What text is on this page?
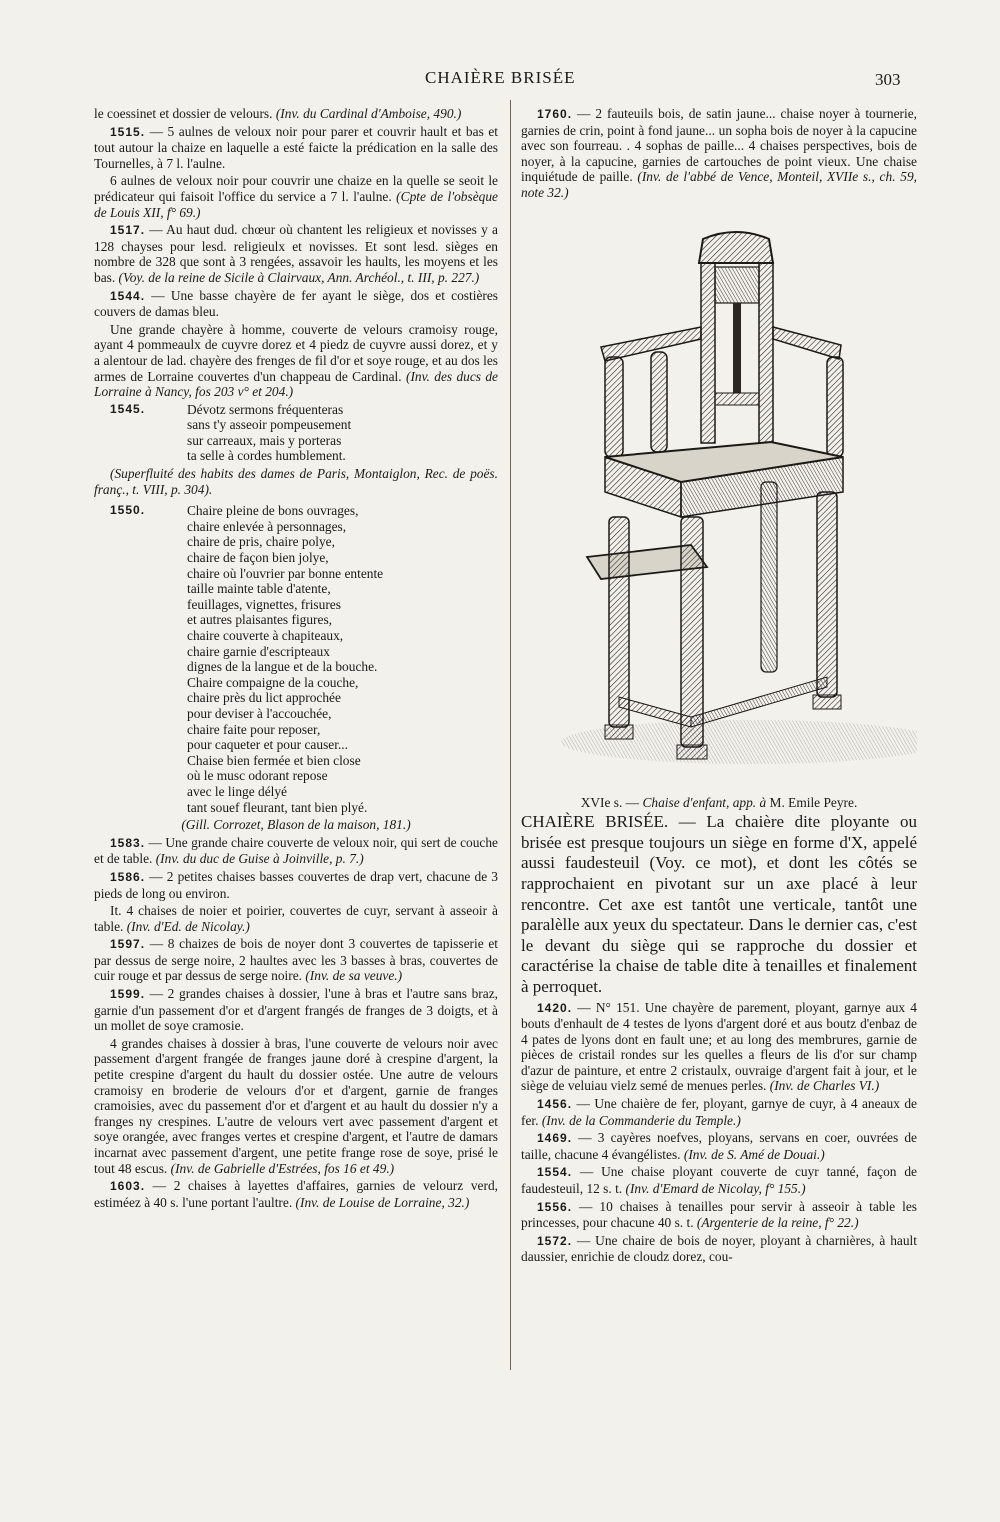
CHAIÈRE BRISÉE	303

le coessinet et dossier de velours. (Inv. du Cardinal d'Amboise, 490.)

1515. — 5 aulnes de veloux noir pour parer et couvrir hault et bas et tout autour la chaize en laquelle a esté faicte la prédication en la salle des Tournelles, à 7 l. l'aulne.

6 aulnes de veloux noir pour couvrir une chaize en la quelle se seoit le prédicateur qui faisoit l'office du service a 7 l. l'aulne. (Cpte de l'obsèque de Louis XII, f° 69.)

1517. — Au haut dud. chœur où chantent les religieux et novisses y a 128 chayses pour lesd. religieulx et novisses. Et sont lesd. sièges en nombre de 328 que sont à 3 rengées, assavoir les haults, les moyens et les bas. (Voy. de la reine de Sicile à Clairvaux, Ann. Archéol., t. III, p. 227.)

1544. — Une basse chayère de fer ayant le siège, dos et costières couvers de damas bleu.

Une grande chayère à homme, couverte de velours cramoisy rouge, ayant 4 pommeaulx de cuyvre dorez et 4 piedz de cuyvre aussi dorez, et y a alentour de lad. chayère des frenges de fil d'or et soye rouge, et au dos les armes de Lorraine couvertes d'un chappeau de Cardinal. (Inv. des ducs de Lorraine à Nancy, fos 203 v° et 204.)

1545.	Dévotz sermons fréquenteras
sans t'y asseoir pompeusement
sur carreaux, mais y porteras
ta selle à cordes humblement.

(Superfluité des habits des dames de Paris, Montaiglon, Rec. de poës. franç., t. VIII, p. 304).

1550.	Chaire pleine de bons ouvrages,
chaire enlevée à personnages,
chaire de pris, chaire polye,
chaire de façon bien jolye,
chaire où l'ouvrier par bonne entente
taille mainte table d'atente,
feuillages, vignettes, frisures
et autres plaisantes figures,
chaire couverte à chapiteaux,
chaire garnie d'escripteaux
dignes de la langue et de la bouche.
Chaire compaigne de la couche,
chaire près du lict approchée
pour deviser à l'accouchée,
chaire faite pour reposer,
pour caqueter et pour causer...
Chaise bien fermée et bien close
où le musc odorant repose
avec le linge délyé
tant souef fleurant, tant bien plyé.

(Gill. Corrozet, Blason de la maison, 181.)

1583. — Une grande chaire couverte de veloux noir, qui sert de couche et de table. (Inv. du duc de Guise à Joinville, p. 7.)

1586. — 2 petites chaises basses couvertes de drap vert, chacune de 3 pieds de long ou environ.

It. 4 chaises de noier et poirier, couvertes de cuyr, servant à asseoir à table. (Inv. d'Ed. de Nicolay.)

1597. — 8 chaizes de bois de noyer dont 3 couvertes de tapisserie et par dessus de serge noire, 2 haultes avec les 3 basses à bras, couvertes de cuir rouge et par dessus de serge noire. (Inv. de sa veuve.)

1599. — 2 grandes chaises à dossier, l'une à bras et l'autre sans braz, garnie d'un passement d'or et d'argent frangés de franges de 3 doigts, et à un mollet de soye cramosie.

4 grandes chaises à dossier à bras, l'une couverte de velours noir avec passement d'argent frangée de franges jaune doré à crespine d'argent, la petite crespine d'argent du hault du dossier ostée. Une autre de velours cramoisy en broderie de velours d'or et d'argent, garnie de franges cramoisies, avec du passement d'or et d'argent et au hault du dossier n'y a franges ny crespines. L'autre de velours vert avec passement d'argent et soye orangée, avec franges vertes et crespine d'argent, et l'autre de damars incarnat avec passement d'argent, une petite frange rose de soye, prisé le tout 48 escus. (Inv. de Gabrielle d'Estrées, fos 16 et 49.)

1603. — 2 chaises à layettes d'affaires, garnies de velourz verd, estiméez à 40 s. l'une portant l'aultre. (Inv. de Louise de Lorraine, 32.)

1760. — 2 fauteuils bois, de satin jaune... chaise noyer à tournerie, garnies de crin, point à fond jaune... un sopha bois de noyer à la capucine avec son fourreau. . 4 sophas de paille... 4 chaises perspectives, bois de noyer, à la capucine, garnies de cartouches de point vieux. Une chaise inquiétude de paille. (Inv. de l'abbé de Vence, Monteil, XVIIe s., ch. 59, note 32.)

XVIe s. — Chaise d'enfant, app. à M. Emile Peyre.

CHAIÈRE BRISÉE. — La chaière dite ployante ou brisée est presque toujours un siège en forme d'X, appelé aussi faudesteuil (Voy. ce mot), et dont les côtés se rapprochaient en pivotant sur un axe placé à leur rencontre. Cet axe est tantôt une verticale, tantôt une paralèlle aux yeux du spectateur. Dans le dernier cas, c'est le devant du siège qui se rapproche du dossier et caractérise la chaise de table dite à tenailles et finalement à perroquet.

1420. — N° 151. Une chayère de parement, ployant, garnye aux 4 bouts d'enhault de 4 testes de lyons d'argent doré et aus boutz d'enbaz de 4 pates de lyons dont en fault une; et au long des membrures, garnie de pièces de cristail rondes sur les quelles a fleurs de lis d'or sur champ d'azur de painture, et entre 2 cristaulx, ouvraige d'argent fait à jour, et le siège de veluiau vielz semé de menues perles. (Inv. de Charles VI.)

1456. — Une chaière de fer, ployant, garnye de cuyr, à 4 aneaux de fer. (Inv. de la Commanderie du Temple.)

1469. — 3 cayères noefves, ployans, servans en coer, ouvrées de taille, chacune 4 évangélistes. (Inv. de S. Amé de Douai.)

1554. — Une chaise ployant couverte de cuyr tanné, façon de faudesteuil, 12 s. t. (Inv. d'Emard de Nicolay, f° 155.)

1556. — 10 chaises à tenailles pour servir à asseoir à table les princesses, pour chacune 40 s. t. (Argenterie de la reine, f° 22.)

1572. — Une chaire de bois de noyer, ployant à charnières, à hault daussier, enrichie de cloudz dorez, cou-
